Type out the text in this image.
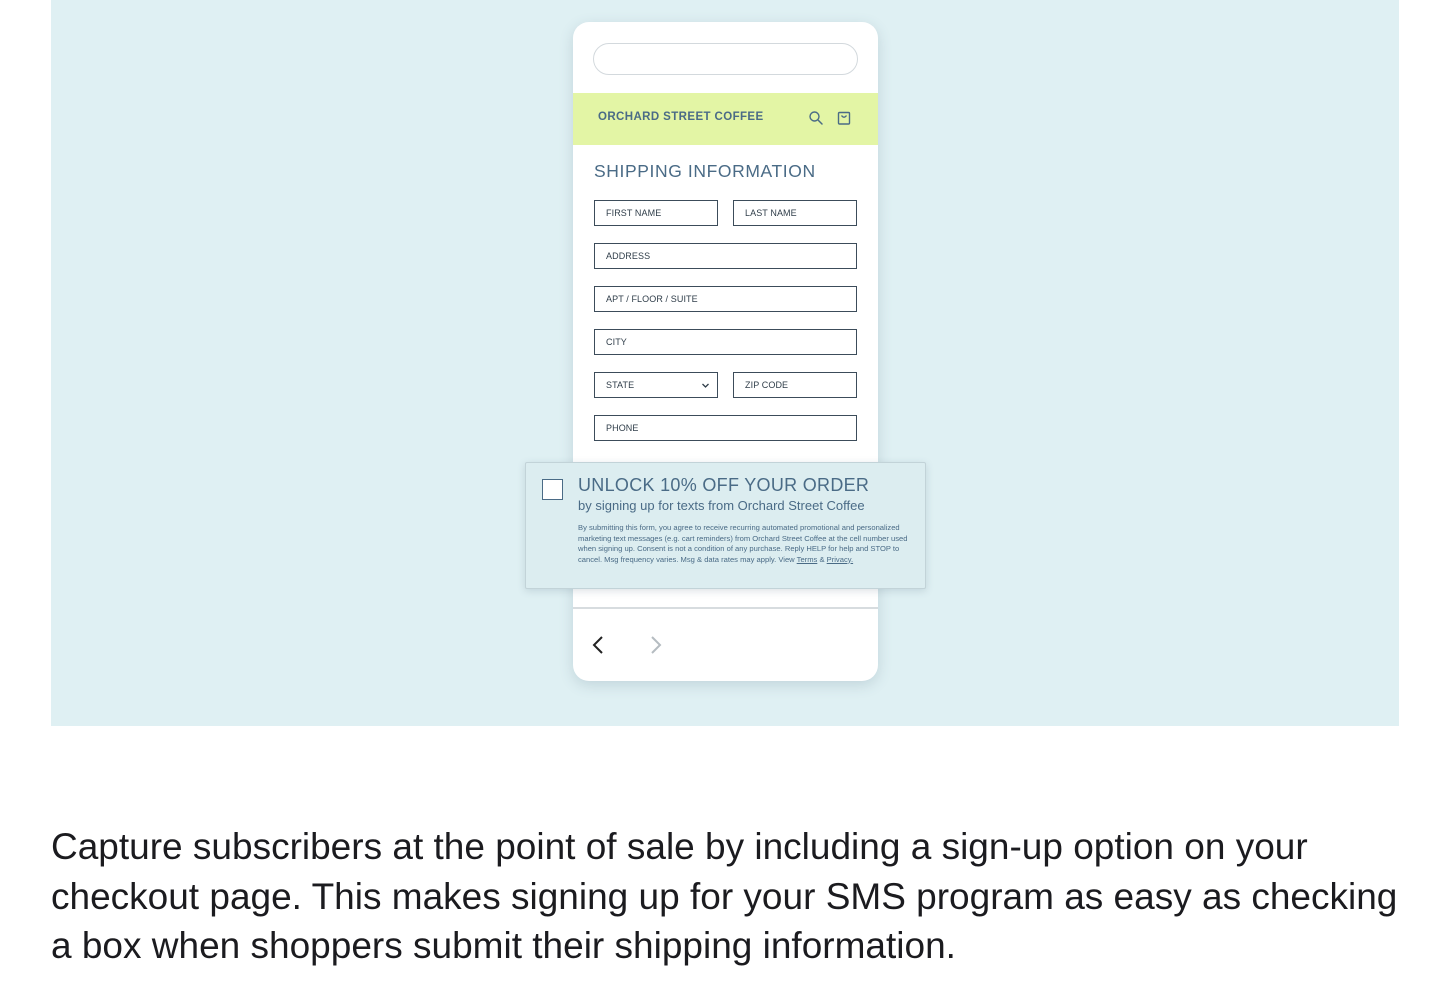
ORCHARD STREET COFFEE
SHIPPING INFORMATION
FIRST NAME	LAST NAME
ADDRESS
APT / FLOOR / SUITE
CITY
STATE	ZIP CODE
PHONE
UNLOCK 10% OFF YOUR ORDER
by signing up for texts from Orchard Street Coffee
By submitting this form, you agree to receive recurring automated promotional and personalized marketing text messages (e.g. cart reminders) from Orchard Street Coffee at the cell number used when signing up. Consent is not a condition of any purchase. Reply HELP for help and STOP to cancel. Msg frequency varies. Msg & data rates may apply. View Terms & Privacy.

Capture subscribers at the point of sale by including a sign-up option on your checkout page. This makes signing up for your SMS program as easy as checking a box when shoppers submit their shipping information.
